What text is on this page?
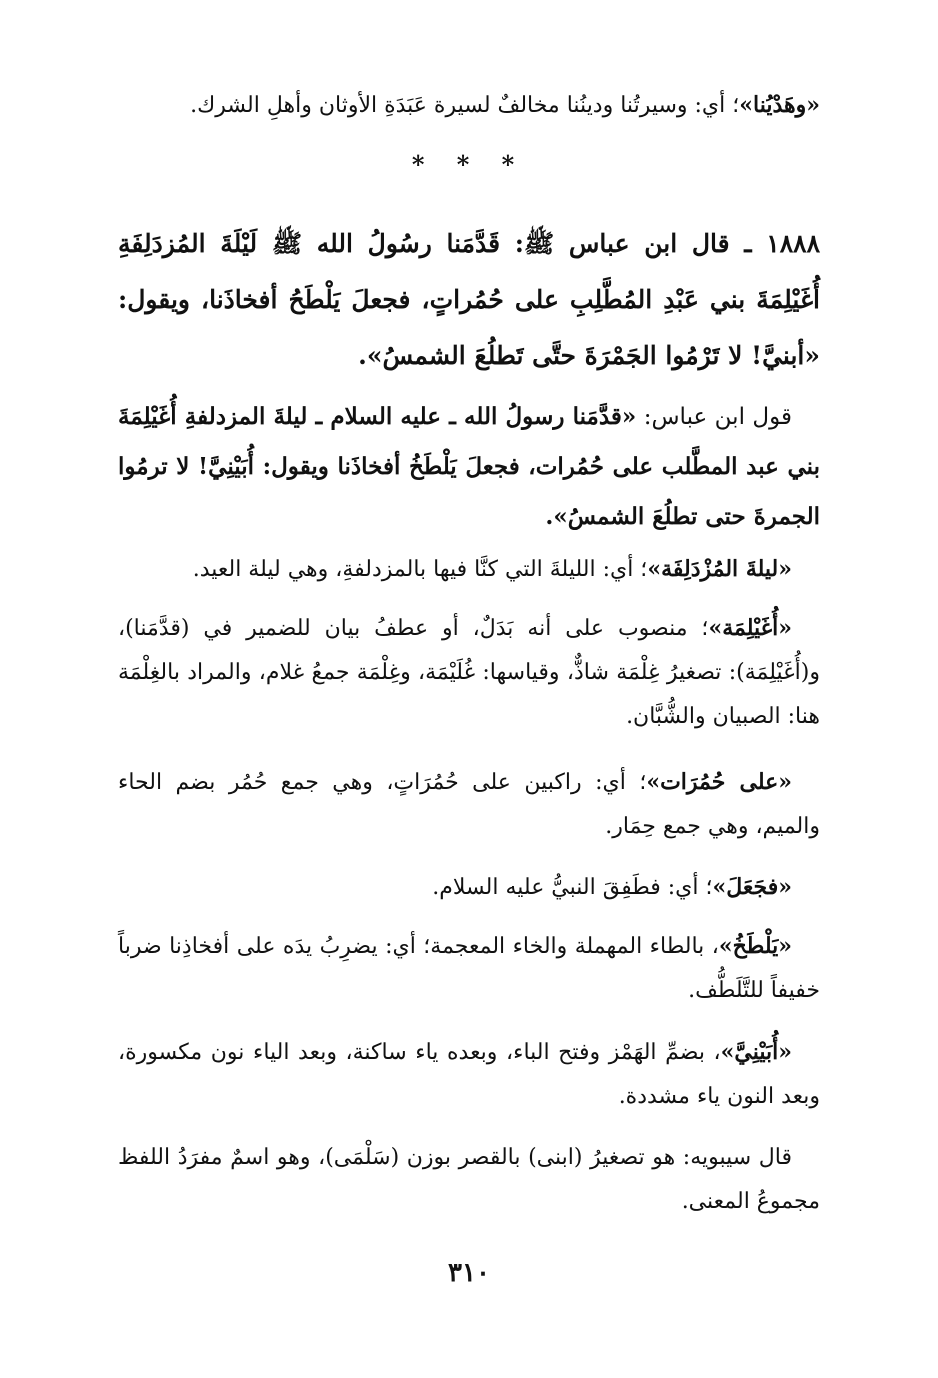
«وهَدْيُنا»؛ أي: وسيرتُنا ودينُنا مخالفٌ لسيرة عَبَدَةِ الأوثان وأهلِ الشرك.

* * *

١٨٨٨ ـ قال ابن عباس ﷺ: قَدَّمَنا رسُولُ الله ﷺ لَيْلَةَ المُزدَلِفَةِ أُغَيْلِمَةَ بني عَبْدِ المُطَّلِبِ على حُمُراتٍ، فجعلَ يَلْطَحُ أفخاذَنا، ويقول: «أبنيَّ! لا تَرْمُوا الجَمْرَةَ حتَّى تَطلُعَ الشمسُ».

قول ابن عباس: «قدَّمَنا رسولُ الله ـ عليه السلام ـ ليلةَ المزدلفةِ أُغَيْلِمَةَ بني عبد المطَّلب على حُمُرات، فجعلَ يَلْطَخُ أفخاذَنا ويقول: أُبَيْنِيَّ! لا ترمُوا الجمرةَ حتى تطلُعَ الشمسُ».

«ليلةَ المُزْدَلِفَة»؛ أي: الليلةَ التي كنَّا فيها بالمزدلفةِ، وهي ليلة العيد.

«أُغَيْلِمَة»؛ منصوب على أنه بَدَلٌ، أو عطفُ بيان للضمير في (قدَّمَنا)، و(أُغَيْلِمَة): تصغيرُ غِلْمَة شاذٌّ، وقياسها: غُلَيْمَة، وغِلْمَة جمعُ غلام، والمراد بالغِلْمَة هنا: الصبيان والشُّبَّان.

«على حُمُرَات»؛ أي: راكبين على حُمُرَاتٍ، وهي جمع حُمُر بضم الحاء والميم، وهي جمع حِمَار.

«فجَعَلَ»؛ أي: فطَفِقَ النبيُّ عليه السلام.

«يَلْطَخُ»، بالطاء المهملة والخاء المعجمة؛ أي: يضرِبُ يدَه على أفخاذِنا ضرباً خفيفاً للتَّلَطُّف.

«أُبَيْنِيَّ»، بضمِّ الهَمْز وفتح الباء، وبعده ياء ساكنة، وبعد الياء نون مكسورة، وبعد النون ياء مشددة.

قال سيبويه: هو تصغيرُ (ابنى) بالقصر بوزن (سَلْمَى)، وهو اسمٌ مفرَدُ اللفظ مجموعُ المعنى.

٣١٠
